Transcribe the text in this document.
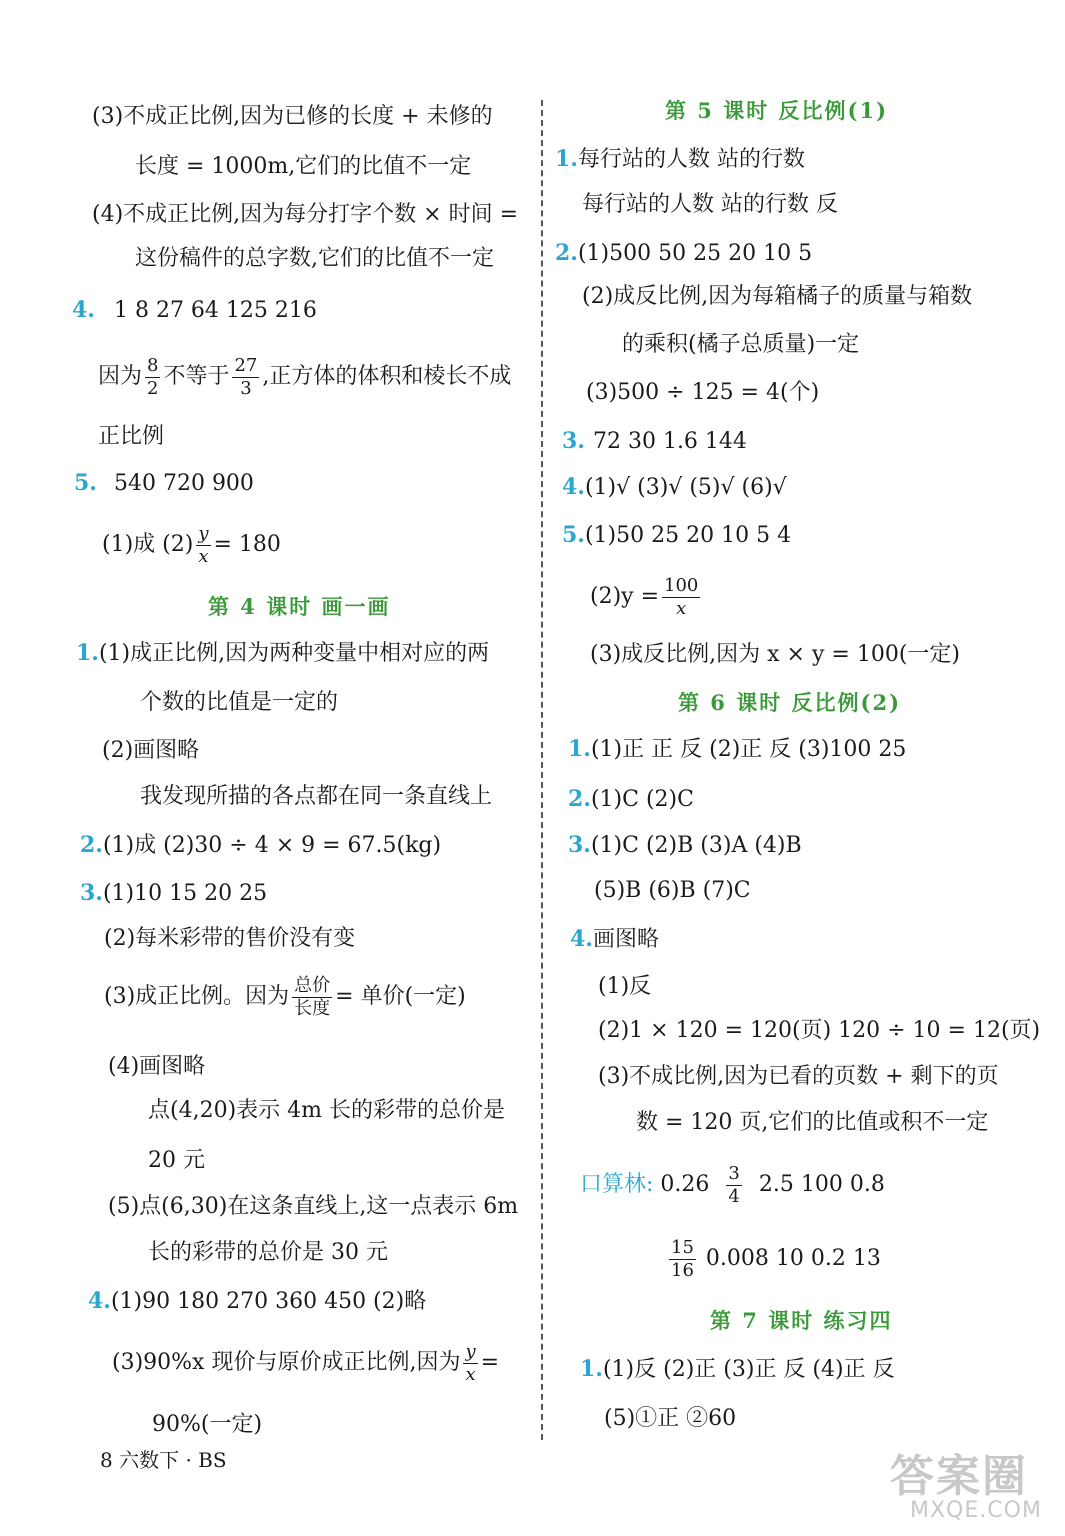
(3)不成正比例,因为已修的长度 + 未修的
长度 = 1000m,它们的比值不一定
(4)不成正比例,因为每分打字个数 × 时间 =
这份稿件的总字数,它们的比值不一定
4. 1 8 27 64 125 216
因为 $\frac{8}{2}$ 不等于 $\frac{27}{3}$ ,正方体的体积和棱长不成
正比例
5. 540 720 900
(1)成 $(2) \frac{y}{x} = 180$
第 4 课时 画一画
1.(1)成正比例,因为两种变量中相对应的两
个数的比值是一定的
(2)画图略
我发现所描的各点都在同一条直线上
2.(1)成 (2)30 ÷ 4 × 9 = 67.5(kg)
3.(1)10 15 20 25
(2)每米彩带的售价没有变
(3)成正比例。因为 $\frac{\text{总价}}{\text{长度}}$ = 单价(一定)
(4)画图略
点(4,20)表示 4m 长的彩带的总价是
20 元
(5)点(6,30)在这条直线上,这一点表示 6m
长的彩带的总价是 30 元
4.(1)90 180 270 360 450 (2)略
(3)90%x 现价与原价成正比例,因为 $\frac{y}{x}$ =
90%(一定)
第 5 课时 反比例(1)
1.每行站的人数 站的行数
每行站的人数 站的行数 反
2.(1)500 50 25 20 10 5
(2)成反比例,因为每箱橘子的质量与箱数
的乘积(橘子总质量)一定
(3)500 ÷ 125 = 4(个)
3. 72 30 1.6 144
4.(1)√ (3)√ (5)√ (6)√
5.(1)50 25 20 10 5 4
$(2)y = \frac{100}{x}$
(3)成反比例,因为 x × y = 100(一定)
第 6 课时 反比例(2)
1.(1)正 正 反 (2)正 反 (3)100 25
2.(1)C (2)C
3.(1)C (2)B (3)A (4)B
(5)B (6)B (7)C
4.画图略
(1)反
(2)1 × 120 = 120(页) 120 ÷ 10 = 12(页)
(3)不成比例,因为已看的页数 + 剩下的页
数 = 120 页,它们的比值或积不一定
口算林: $0.26 \frac{3}{4} 2.5$ 100 0.8
$\frac{15}{16} 0.008$ 10 0.2 13
第 7 课时 练习四
1.(1)反 (2)正 (3)正 反 (4)正 反
(5)①正 ②60
8 六数下 · BS	答案圈
MXQE.COM
